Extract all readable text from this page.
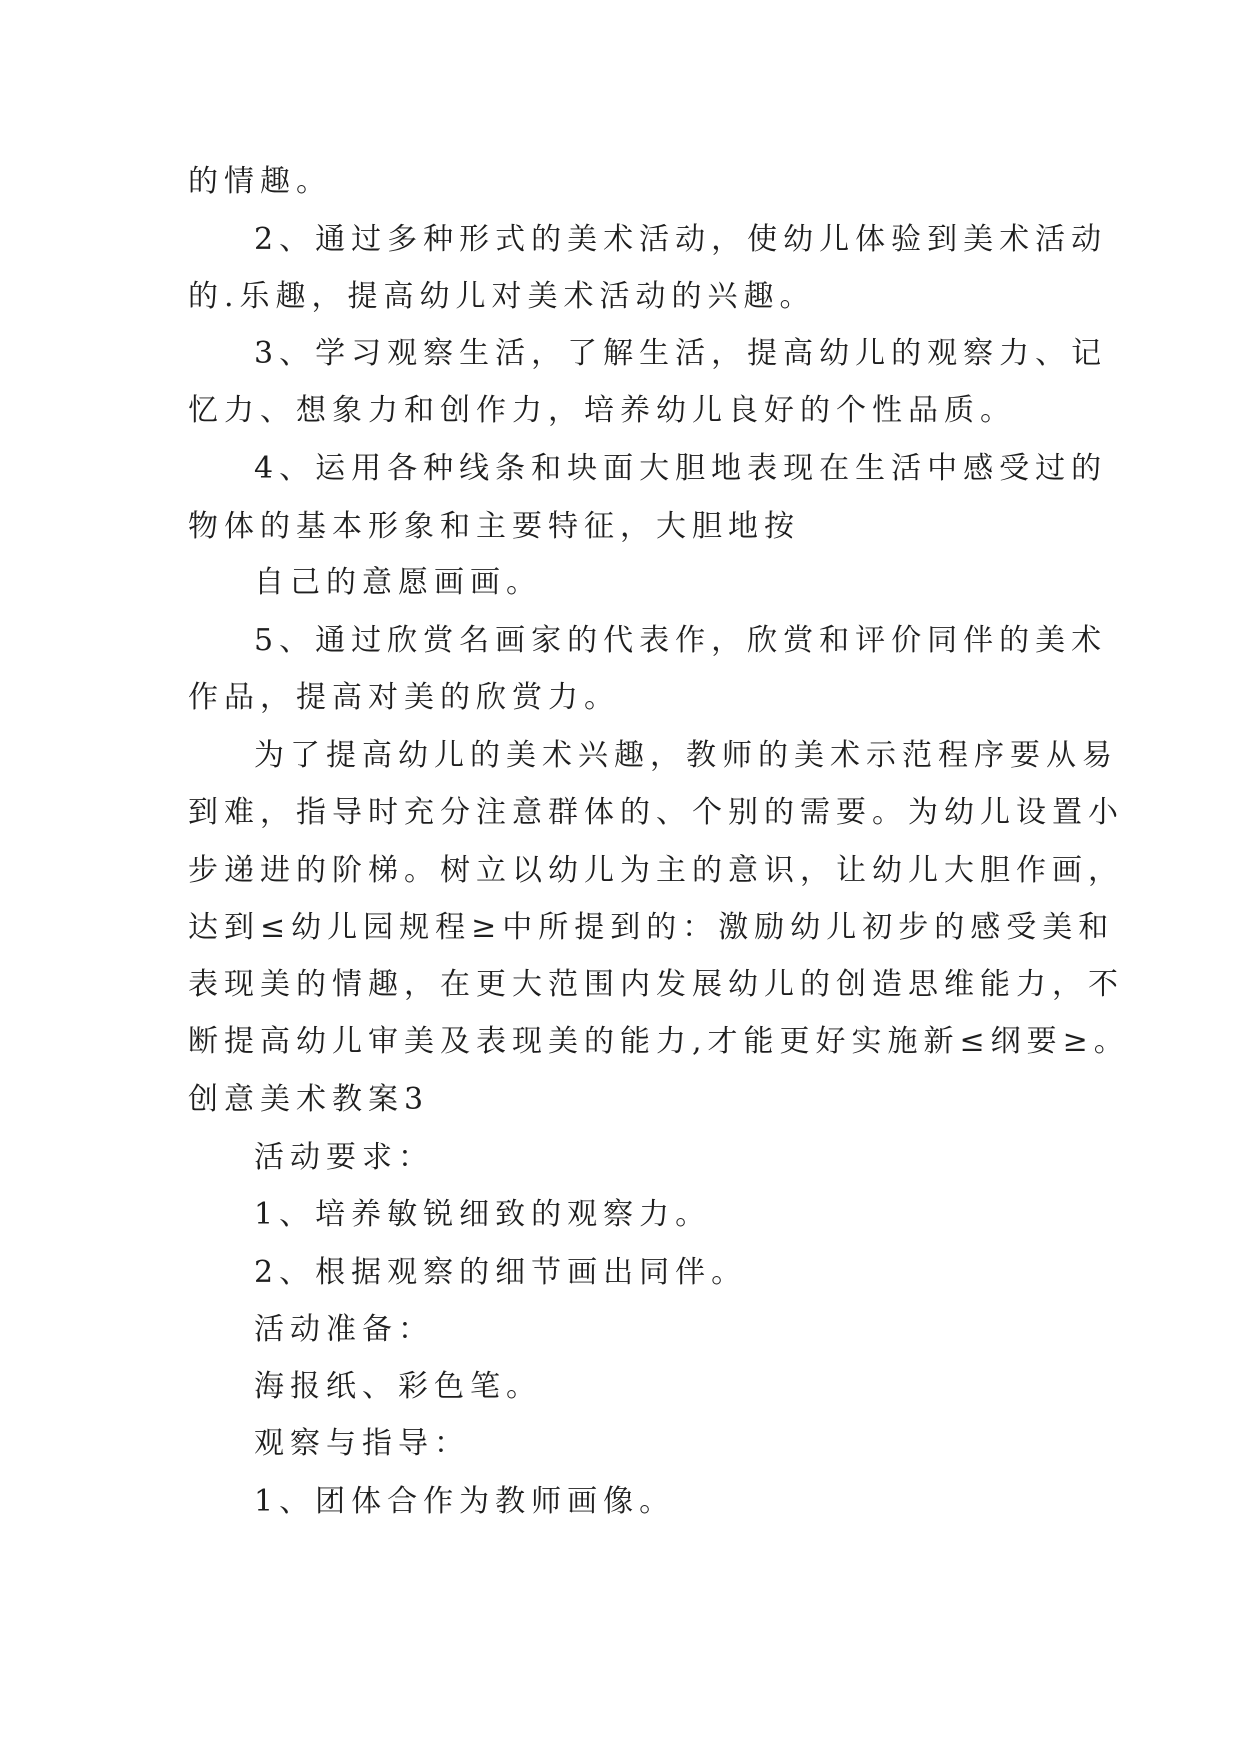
的情趣。
2、通过多种形式的美术活动，使幼儿体验到美术活动
的.乐趣，提高幼儿对美术活动的兴趣。
3、学习观察生活，了解生活，提高幼儿的观察力、记
忆力、想象力和创作力，培养幼儿良好的个性品质。
4、运用各种线条和块面大胆地表现在生活中感受过的
物体的基本形象和主要特征，大胆地按
自己的意愿画画。
5、通过欣赏名画家的代表作，欣赏和评价同伴的美术
作品，提高对美的欣赏力。
为了提高幼儿的美术兴趣，教师的美术示范程序要从易
到难，指导时充分注意群体的、个别的需要。为幼儿设置小
步递进的阶梯。树立以幼儿为主的意识，让幼儿大胆作画，
达到≤幼儿园规程≥中所提到的：激励幼儿初步的感受美和
表现美的情趣，在更大范围内发展幼儿的创造思维能力，不
断提高幼儿审美及表现美的能力,才能更好实施新≤纲要≥。
创意美术教案3
活动要求：
1、培养敏锐细致的观察力。
2、根据观察的细节画出同伴。
活动准备：
海报纸、彩色笔。
观察与指导：
1、团体合作为教师画像。
